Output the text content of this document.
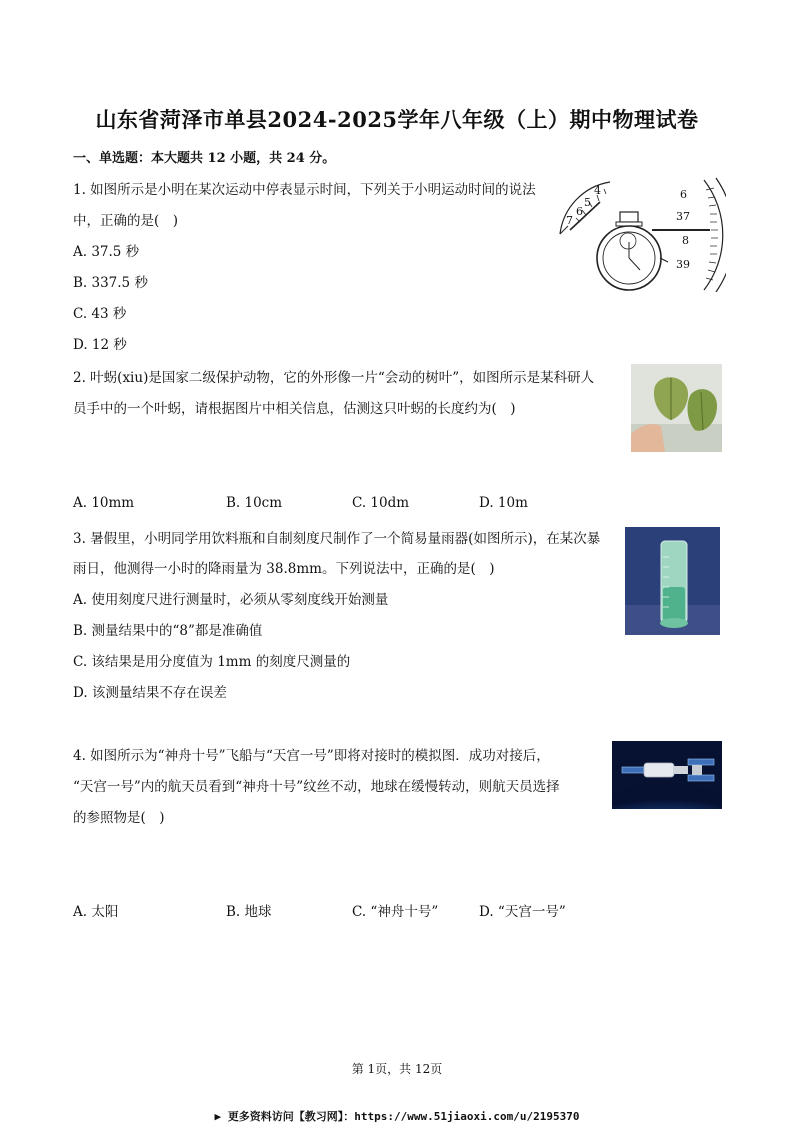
山东省菏泽市单县2024-2025学年八年级（上）期中物理试卷
一、单选题：本大题共 12 小题，共 24 分。
1. 如图所示是小明在某次运动中停表显示时间，下列关于小明运动时间的说法
中，正确的是(　)
A. 37.5 秒
B. 337.5 秒
C. 43 秒
D. 12 秒
4
5
6
7
6
37
8
39
2. 叶𧊅(xiu)是国家二级保护动物，它的外形像一片“会动的树叶”，如图所示是某科研人
员手中的一个叶𧊅，请根据图片中相关信息，估测这只叶𧊅的长度约为(　)
A. 10mm	B. 10cm	C. 10dm	D. 10m
3. 暑假里，小明同学用饮料瓶和自制刻度尺制作了一个简易量雨器(如图所示)，在某次暴
雨日，他测得一小时的降雨量为 38.8mm。下列说法中，正确的是(　)
A. 使用刻度尺进行测量时，必须从零刻度线开始测量
B. 测量结果中的“8”都是准确值
C. 该结果是用分度值为 1mm 的刻度尺测量的
D. 该测量结果不存在误差
4. 如图所示为“神舟十号”飞船与“天宫一号”即将对接时的模拟图．成功对接后，
“天宫一号”内的航天员看到“神舟十号”纹丝不动，地球在缓慢转动，则航天员选择
的参照物是(　)
A. 太阳	B. 地球	C. “神舟十号”	D. “天宫一号”
第 1页，共 12页
▶ 更多资料访问【教习网】：https://www.51jiaoxi.com/u/2195370
